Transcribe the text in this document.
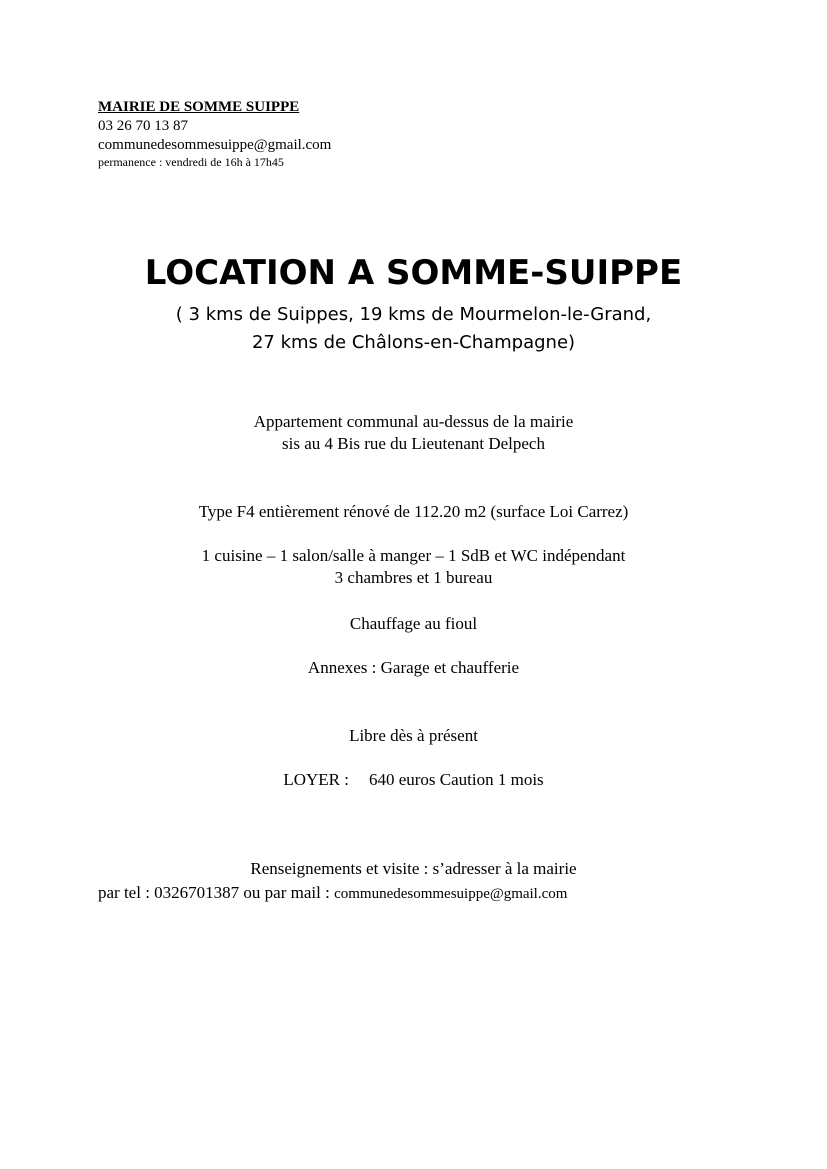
MAIRIE DE SOMME SUIPPE
03 26 70 13 87
communedesommesuippe@gmail.com
permanence : vendredi de 16h à 17h45
LOCATION A SOMME-SUIPPE
( 3 kms de Suippes, 19 kms de Mourmelon-le-Grand,
27 kms de Châlons-en-Champagne)
Appartement communal au-dessus de la mairie
sis au 4 Bis rue du Lieutenant Delpech
Type F4 entièrement rénové de 112.20 m2 (surface Loi Carrez)
1 cuisine – 1 salon/salle à manger – 1 SdB et WC indépendant
3 chambres et 1 bureau
Chauffage au fioul
Annexes : Garage et chaufferie
Libre dès à présent
LOYER : 640 euros Caution 1 mois
Renseignements et visite : s’adresser à la mairie
par tel : 0326701387 ou par mail : communedesommesuippe@gmail.com
